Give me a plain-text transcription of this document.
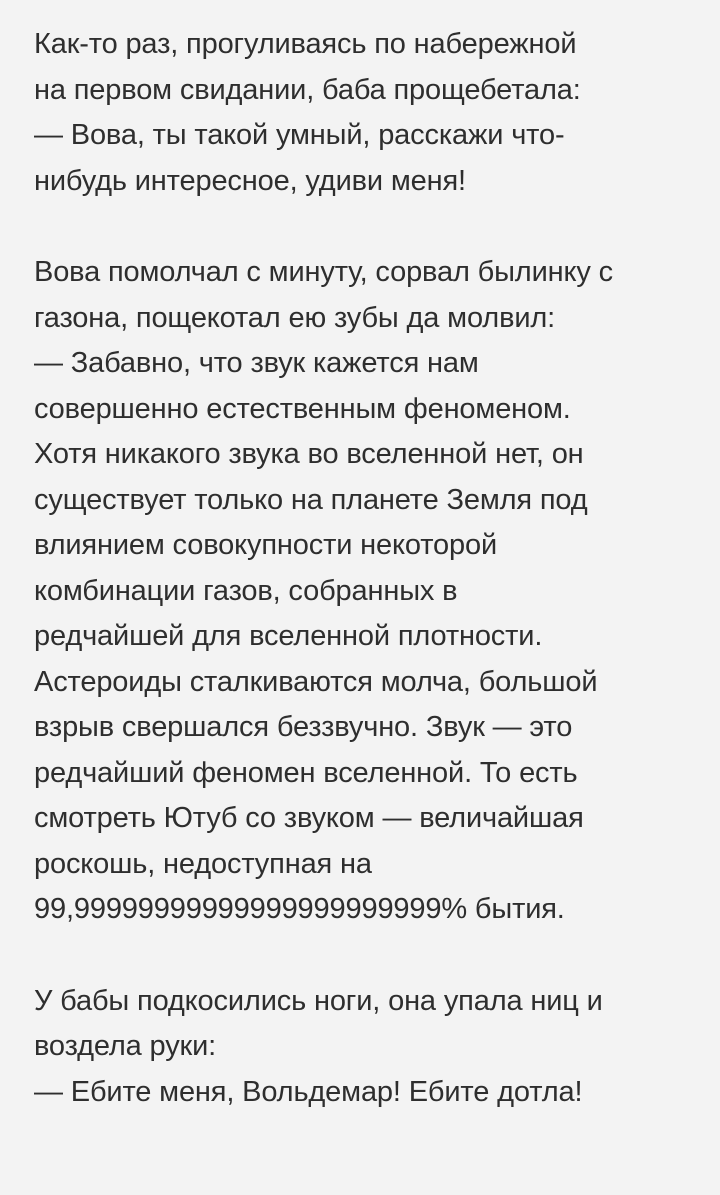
Как-то раз, прогуливаясь по набережной
на первом свидании, баба прощебетала:
— Вова, ты такой умный, расскажи что-
нибудь интересное, удиви меня!

Вова помолчал с минуту, сорвал былинку с
газона, пощекотал ею зубы да молвил:
— Забавно, что звук кажется нам
совершенно естественным феноменом.
Хотя никакого звука во вселенной нет, он
существует только на планете Земля под
влиянием совокупности некоторой
комбинации газов, собранных в
редчайшей для вселенной плотности.
Астероиды сталкиваются молча, большой
взрыв свершался беззвучно. Звук — это
редчайший феномен вселенной. То есть
смотреть Ютуб со звуком — величайшая
роскошь, недоступная на
99,99999999999999999999999% бытия.

У бабы подкосились ноги, она упала ниц и
воздела руки:
— Ебите меня, Вольдемар! Ебите дотла!
